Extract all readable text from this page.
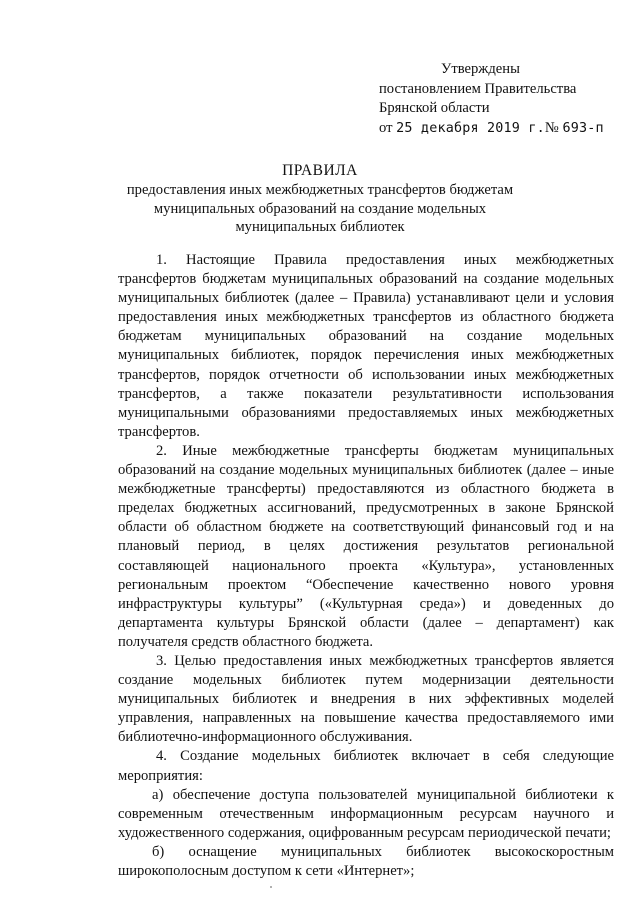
Утверждены
постановлением Правительства
Брянской области
от 25 декабря 2019 г.№ 693-п
ПРАВИЛА
предоставления иных межбюджетных трансфертов бюджетам муниципальных образований на создание модельных муниципальных библиотек

1. Настоящие Правила предоставления иных межбюджетных трансфертов бюджетам муниципальных образований на создание модельных муниципальных библиотек (далее – Правила) устанавливают цели и условия предоставления иных межбюджетных трансфертов из областного бюджета бюджетам муниципальных образований на создание модельных муниципальных библиотек, порядок перечисления иных межбюджетных трансфертов, порядок отчетности об использовании иных межбюджетных трансфертов, а также показатели результативности использования муниципальными образованиями предоставляемых иных межбюджетных трансфертов.

2. Иные межбюджетные трансферты бюджетам муниципальных образований на создание модельных муниципальных библиотек (далее – иные межбюджетные трансферты) предоставляются из областного бюджета в пределах бюджетных ассигнований, предусмотренных в законе Брянской области об областном бюджете на соответствующий финансовый год и на плановый период, в целях достижения результатов региональной составляющей национального проекта «Культура», установленных региональным проектом “Обеспечение качественно нового уровня инфраструктуры культуры” («Культурная среда») и доведенных до департамента культуры Брянской области (далее – департамент) как получателя средств областного бюджета.

3. Целью предоставления иных межбюджетных трансфертов является создание модельных библиотек путем модернизации деятельности муниципальных библиотек и внедрения в них эффективных моделей управления, направленных на повышение качества предоставляемого ими библиотечно-информационного обслуживания.

4. Создание модельных библиотек включает в себя следующие мероприятия:

а) обеспечение доступа пользователей муниципальной библиотеки к современным отечественным информационным ресурсам научного и художественного содержания, оцифрованным ресурсам периодической печати;

б) оснащение муниципальных библиотек высокоскоростным широкополосным доступом к сети «Интернет»;
